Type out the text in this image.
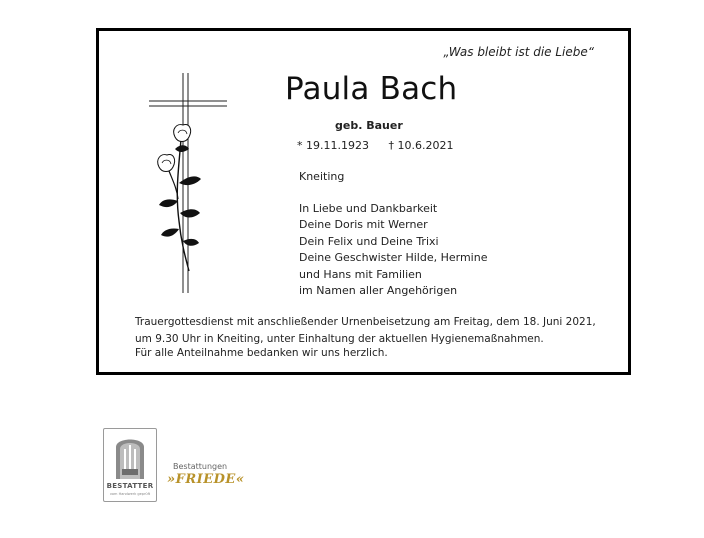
„Was bleibt ist die Liebe“
Paula Bach
geb. Bauer
* 19.11.1923 † 10.6.2021
Kneiting
In Liebe und Dankbarkeit
Deine Doris mit Werner
Dein Felix und Deine Trixi
Deine Geschwister Hilde, Hermine
und Hans mit Familien
im Namen aller Angehörigen
Trauergottesdienst mit anschließender Urnenbeisetzung am Freitag, dem 18. Juni 2021,
um 9.30 Uhr in Kneiting, unter Einhaltung der aktuellen Hygienemaßnahmen.
Für alle Anteilnahme bedanken wir uns herzlich.
BESTATTER
vom Handwerk geprüft
Bestattungen
»FRIEDE«
